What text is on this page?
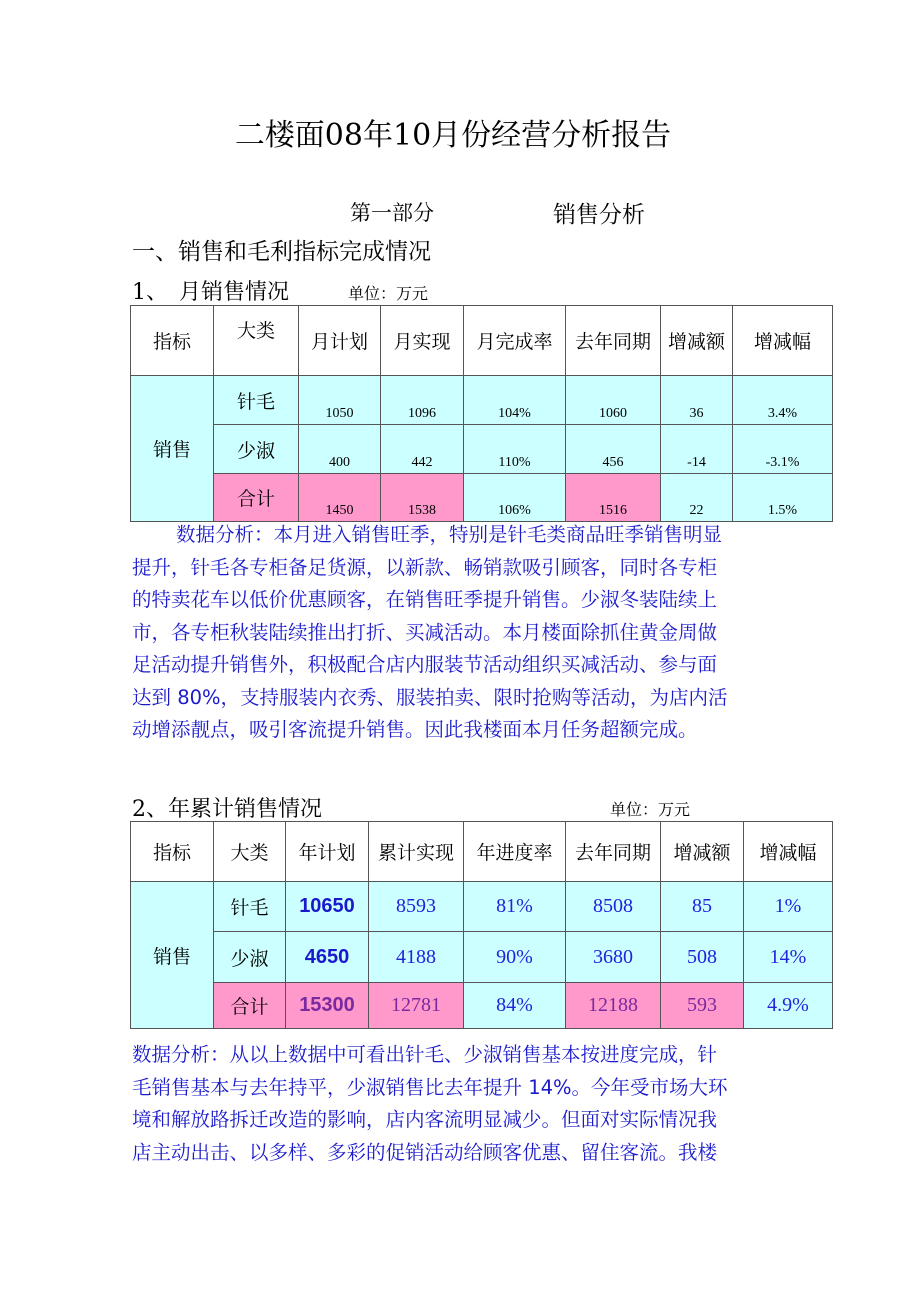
二楼面08年10月份经营分析报告
第一部分	销售分析
一、销售和毛利指标完成情况
1、　月销售情况	单位：万元
指标	大类	月计划	月实现	月完成率	去年同期	增减额	增减幅
销售	针毛	1050	1096	104%	1060	36	3.4%
	少淑	400	442	110%	456	-14	-3.1%
	合计	1450	1538	106%	1516	22	1.5%
数据分析：本月进入销售旺季，特别是针毛类商品旺季销售明显
提升，针毛各专柜备足货源，以新款、畅销款吸引顾客，同时各专柜
的特卖花车以低价优惠顾客，在销售旺季提升销售。少淑冬装陆续上
市，各专柜秋装陆续推出打折、买减活动。本月楼面除抓住黄金周做
足活动提升销售外，积极配合店内服装节活动组织买减活动、参与面
达到 80%，支持服装内衣秀、服装拍卖、限时抢购等活动，为店内活
动增添靓点，吸引客流提升销售。因此我楼面本月任务超额完成。
2、年累计销售情况	单位：万元
指标	大类	年计划	累计实现	年进度率	去年同期	增减额	增减幅
销售	针毛	10650	8593	81%	8508	85	1%
	少淑	4650	4188	90%	3680	508	14%
	合计	15300	12781	84%	12188	593	4.9%
数据分析：从以上数据中可看出针毛、少淑销售基本按进度完成，针
毛销售基本与去年持平，少淑销售比去年提升 14%。今年受市场大环
境和解放路拆迁改造的影响，店内客流明显减少。但面对实际情况我
店主动出击、以多样、多彩的促销活动给顾客优惠、留住客流。我楼
